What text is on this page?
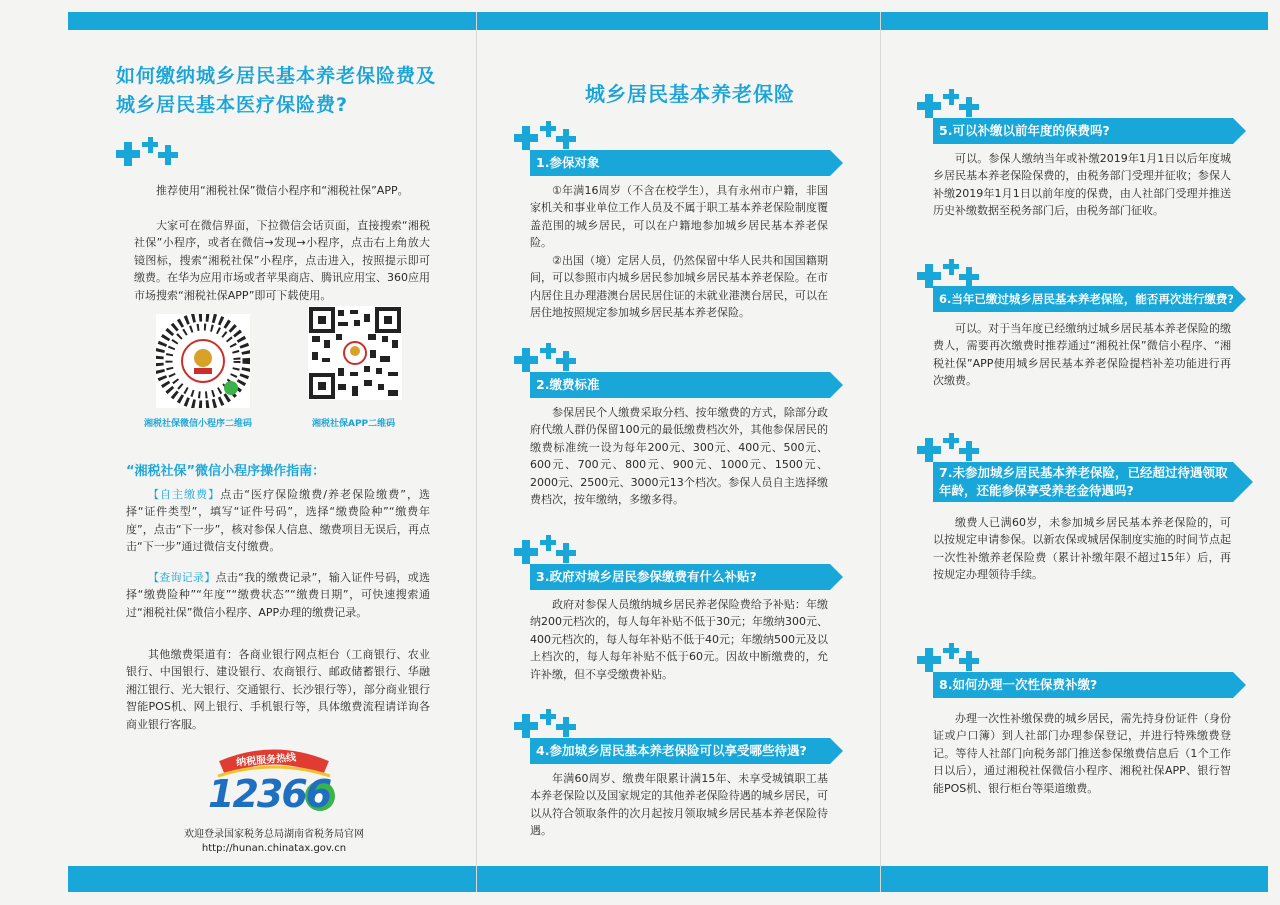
如何缴纳城乡居民基本养老保险费及城乡居民基本医疗保险费?
推荐使用“湘税社保”微信小程序和“湘税社保”APP。
大家可在微信界面，下拉微信会话页面，直接搜索“湘税社保”小程序，或者在微信→发现→小程序，点击右上角放大镜图标，搜索“湘税社保”小程序，点击进入，按照提示即可缴费。在华为应用市场或者苹果商店、腾讯应用宝、360应用市场搜索“湘税社保APP”即可下载使用。
湘税社保微信小程序二维码	湘税社保APP二维码
“湘税社保”微信小程序操作指南：
【自主缴费】点击“医疗保险缴费/养老保险缴费”，选择“证件类型”，填写“证件号码”，选择“缴费险种”“缴费年度”，点击“下一步”，核对参保人信息、缴费项目无误后，再点击“下一步”通过微信支付缴费。
【查询记录】点击“我的缴费记录”，输入证件号码，或选择“缴费险种”“年度”“缴费状态”“缴费日期”，可快速搜索通过“湘税社保”微信小程序、APP办理的缴费记录。
其他缴费渠道有：各商业银行网点柜台（工商银行、农业银行、中国银行、建设银行、农商银行、邮政储蓄银行、华融湘江银行、光大银行、交通银行、长沙银行等），部分商业银行智能POS机、网上银行、手机银行等，具体缴费流程请详询各商业银行客服。
纳税服务热线
12366
欢迎登录国家税务总局湖南省税务局官网
http://hunan.chinatax.gov.cn
城乡居民基本养老保险
1.参保对象
①年满16周岁（不含在校学生），具有永州市户籍，非国家机关和事业单位工作人员及不属于职工基本养老保险制度覆盖范围的城乡居民，可以在户籍地参加城乡居民基本养老保险。
②出国（境）定居人员，仍然保留中华人民共和国国籍期间，可以参照市内城乡居民参加城乡居民基本养老保险。在市内居住且办理港澳台居民居住证的未就业港澳台居民，可以在居住地按照规定参加城乡居民基本养老保险。
2.缴费标准
参保居民个人缴费采取分档、按年缴费的方式，除部分政府代缴人群仍保留100元的最低缴费档次外，其他参保居民的缴费标准统一设为每年200元、300元、400元、500元、600元、700元、800元、900元、1000元、1500元、2000元、2500元、3000元13个档次。参保人员自主选择缴费档次，按年缴纳，多缴多得。
3.政府对城乡居民参保缴费有什么补贴?
政府对参保人员缴纳城乡居民养老保险费给予补贴：年缴纳200元档次的，每人每年补贴不低于30元；年缴纳300元、400元档次的，每人每年补贴不低于40元；年缴纳500元及以上档次的，每人每年补贴不低于60元。因故中断缴费的，允许补缴，但不享受缴费补贴。
4.参加城乡居民基本养老保险可以享受哪些待遇?
年满60周岁、缴费年限累计满15年、未享受城镇职工基本养老保险以及国家规定的其他养老保险待遇的城乡居民，可以从符合领取条件的次月起按月领取城乡居民基本养老保险待遇。
5.可以补缴以前年度的保费吗?
可以。参保人缴纳当年或补缴2019年1月1日以后年度城乡居民基本养老保险保费的，由税务部门受理并征收；参保人补缴2019年1月1日以前年度的保费，由人社部门受理并推送历史补缴数据至税务部门后，由税务部门征收。
6.当年已缴过城乡居民基本养老保险，能否再次进行缴费?
可以。对于当年度已经缴纳过城乡居民基本养老保险的缴费人，需要再次缴费时推荐通过“湘税社保”微信小程序、“湘税社保”APP使用城乡居民基本养老保险提档补差功能进行再次缴费。
7.未参加城乡居民基本养老保险，已经超过待遇领取年龄，还能参保享受养老金待遇吗?
缴费人已满60岁，未参加城乡居民基本养老保险的，可以按规定申请参保。以新农保或城居保制度实施的时间节点起一次性补缴养老保险费（累计补缴年限不超过15年）后，再按规定办理领待手续。
8.如何办理一次性保费补缴?
办理一次性补缴保费的城乡居民，需先持身份证件（身份证或户口簿）到人社部门办理参保登记，并进行特殊缴费登记。等待人社部门向税务部门推送参保缴费信息后（1个工作日以后），通过湘税社保微信小程序、湘税社保APP、银行智能POS机、银行柜台等渠道缴费。
